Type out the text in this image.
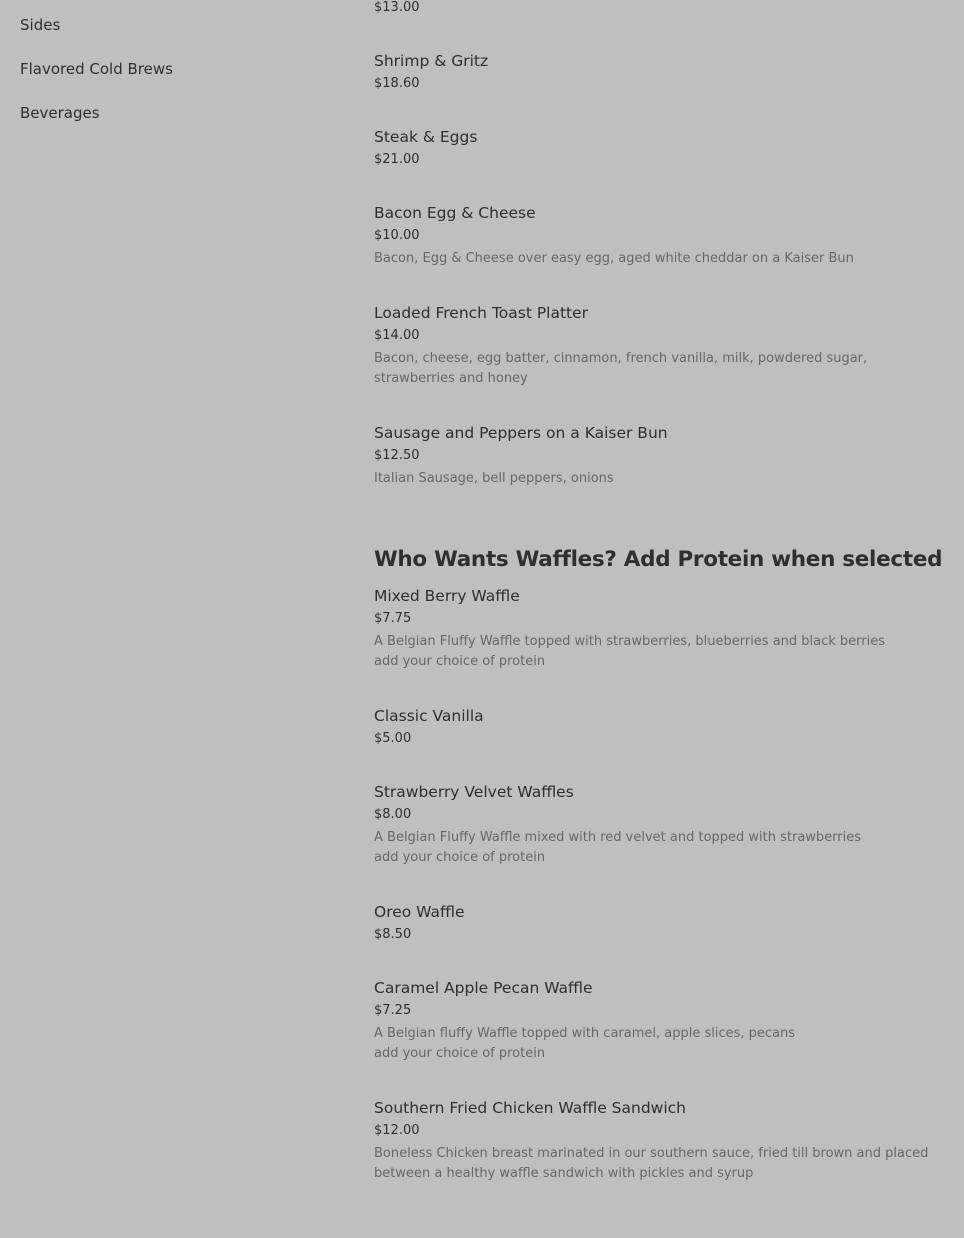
Sides
Flavored Cold Brews
Beverages
$13.00
Shrimp & Gritz
$18.60
Steak & Eggs
$21.00
Bacon Egg & Cheese
$10.00
Bacon, Egg & Cheese over easy egg, aged white cheddar on a Kaiser Bun
Loaded French Toast Platter
$14.00
Bacon, cheese, egg batter, cinnamon, french vanilla, milk, powdered sugar, strawberries and honey
Sausage and Peppers on a Kaiser Bun
$12.50
Italian Sausage, bell peppers, onions
Who Wants Waffles? Add Protein when selected
Mixed Berry Waffle
$7.75
A Belgian Fluffy Waffle topped with strawberries, blueberries and black berries
add your choice of protein
Classic Vanilla
$5.00
Strawberry Velvet Waffles
$8.00
A Belgian Fluffy Waffle mixed with red velvet and topped with strawberries
add your choice of protein
Oreo Waffle
$8.50
Caramel Apple Pecan Waffle
$7.25
A Belgian fluffy Waffle topped with caramel, apple slices, pecans
add your choice of protein
Southern Fried Chicken Waffle Sandwich
$12.00
Boneless Chicken breast marinated in our southern sauce, fried till brown and placed between a healthy waffle sandwich with pickles and syrup
